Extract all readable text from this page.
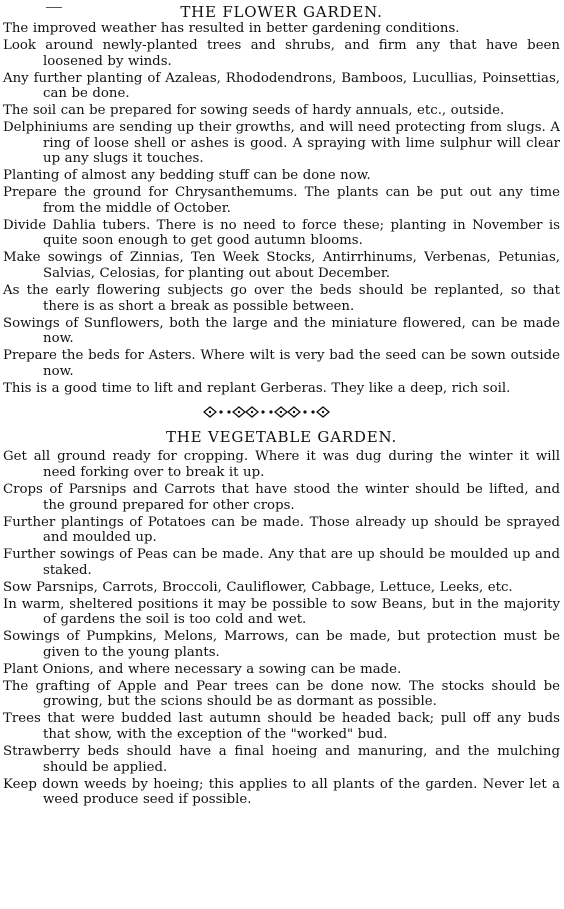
THE FLOWER GARDEN.
The improved weather has resulted in better gardening conditions.
Look around newly-planted trees and shrubs, and firm any that have been loosened by winds.
Any further planting of Azaleas, Rhododendrons, Bamboos, Lucullias, Poinsettias, can be done.
The soil can be prepared for sowing seeds of hardy annuals, etc., outside.
Delphiniums are sending up their growths, and will need protecting from slugs. A ring of loose shell or ashes is good. A spraying with lime sulphur will clear up any slugs it touches.
Planting of almost any bedding stuff can be done now.
Prepare the ground for Chrysanthemums. The plants can be put out any time from the middle of October.
Divide Dahlia tubers. There is no need to force these; planting in November is quite soon enough to get good autumn blooms.
Make sowings of Zinnias, Ten Week Stocks, Antirrhinums, Verbenas, Petunias, Salvias, Celosias, for planting out about December.
As the early flowering subjects go over the beds should be replanted, so that there is as short a break as possible between.
Sowings of Sunflowers, both the large and the miniature flowered, can be made now.
Prepare the beds for Asters. Where wilt is very bad the seed can be sown outside now.
This is a good time to lift and replant Gerberas. They like a deep, rich soil.
THE VEGETABLE GARDEN.
Get all ground ready for cropping. Where it was dug during the winter it will need forking over to break it up.
Crops of Parsnips and Carrots that have stood the winter should be lifted, and the ground prepared for other crops.
Further plantings of Potatoes can be made. Those already up should be sprayed and moulded up.
Further sowings of Peas can be made. Any that are up should be moulded up and staked.
Sow Parsnips, Carrots, Broccoli, Cauliflower, Cabbage, Lettuce, Leeks, etc.
In warm, sheltered positions it may be possible to sow Beans, but in the majority of gardens the soil is too cold and wet.
Sowings of Pumpkins, Melons, Marrows, can be made, but protection must be given to the young plants.
Plant Onions, and where necessary a sowing can be made.
The grafting of Apple and Pear trees can be done now. The stocks should be growing, but the scions should be as dormant as possible.
Trees that were budded last autumn should be headed back; pull off any buds that show, with the exception of the "worked" bud.
Strawberry beds should have a final hoeing and manuring, and the mulching should be applied.
Keep down weeds by hoeing; this applies to all plants of the garden. Never let a weed produce seed if possible.
